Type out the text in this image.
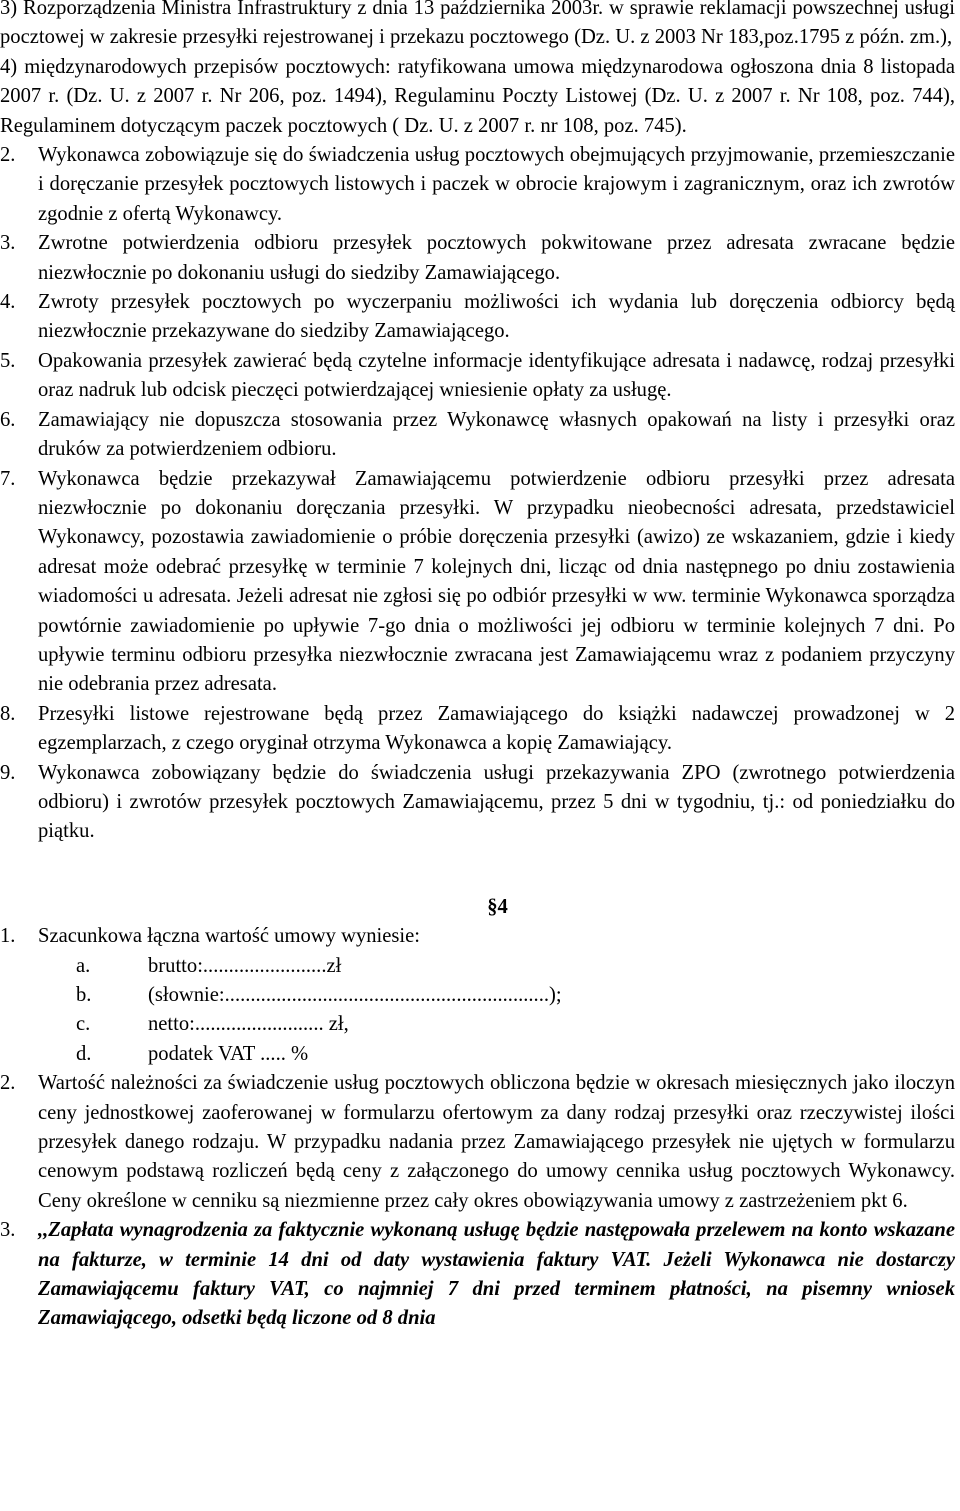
3) Rozporządzenia Ministra Infrastruktury z dnia 13 października 2003r. w sprawie reklamacji powszechnej usługi pocztowej w zakresie przesyłki rejestrowanej i przekazu pocztowego (Dz. U. z 2003 Nr 183,poz.1795 z późn. zm.),

4) międzynarodowych przepisów pocztowych: ratyfikowana umowa międzynarodowa ogłoszona dnia 8 listopada 2007 r. (Dz. U. z 2007 r. Nr 206, poz. 1494), Regulaminu Poczty Listowej (Dz. U. z 2007 r. Nr 108, poz. 744), Regulaminem dotyczącym paczek pocztowych ( Dz. U. z 2007 r. nr 108, poz. 745).

2. Wykonawca zobowiązuje się do świadczenia usług pocztowych obejmujących przyjmowanie, przemieszczanie i doręczanie przesyłek pocztowych listowych i paczek w obrocie krajowym i zagranicznym, oraz ich zwrotów zgodnie z ofertą Wykonawcy.

3. Zwrotne potwierdzenia odbioru przesyłek pocztowych pokwitowane przez adresata zwracane będzie niezwłocznie po dokonaniu usługi do siedziby Zamawiającego.

4. Zwroty przesyłek pocztowych po wyczerpaniu możliwości ich wydania lub doręczenia odbiorcy będą niezwłocznie przekazywane do siedziby Zamawiającego.

5. Opakowania przesyłek zawierać będą czytelne informacje identyfikujące adresata i nadawcę, rodzaj przesyłki oraz nadruk lub odcisk pieczęci potwierdzającej wniesienie opłaty za usługę.

6. Zamawiający nie dopuszcza stosowania przez Wykonawcę własnych opakowań na listy i przesyłki oraz druków za potwierdzeniem odbioru.

7. Wykonawca będzie przekazywał Zamawiającemu potwierdzenie odbioru przesyłki przez adresata niezwłocznie po dokonaniu doręczania przesyłki. W przypadku nieobecności adresata, przedstawiciel Wykonawcy, pozostawia zawiadomienie o próbie doręczenia przesyłki (awizo) ze wskazaniem, gdzie i kiedy adresat może odebrać przesyłkę w terminie 7 kolejnych dni, licząc od dnia następnego po dniu zostawienia wiadomości u adresata. Jeżeli adresat nie zgłosi się po odbiór przesyłki w ww. terminie Wykonawca sporządza powtórnie zawiadomienie po upływie 7-go dnia o możliwości jej odbioru w terminie kolejnych 7 dni. Po upływie terminu odbioru przesyłka niezwłocznie zwracana jest Zamawiającemu wraz z podaniem przyczyny nie odebrania przez adresata.

8. Przesyłki listowe rejestrowane będą przez Zamawiającego do książki nadawczej prowadzonej w 2 egzemplarzach, z czego oryginał otrzyma Wykonawca a kopię Zamawiający.

9. Wykonawca zobowiązany będzie do świadczenia usługi przekazywania ZPO (zwrotnego potwierdzenia odbioru) i zwrotów przesyłek pocztowych Zamawiającemu, przez 5 dni w tygodniu, tj.: od poniedziałku do piątku.

§4

1. Szacunkowa łączna wartość umowy wyniesie:

a.	brutto:........................zł
b.	(słownie:...............................................................);
c.	netto:......................... zł,
d.	podatek VAT ..... %

2. Wartość należności za świadczenie usług pocztowych obliczona będzie w okresach miesięcznych jako iloczyn ceny jednostkowej zaoferowanej w formularzu ofertowym za dany rodzaj przesyłki oraz rzeczywistej ilości przesyłek danego rodzaju. W przypadku nadania przez Zamawiającego przesyłek nie ujętych w formularzu cenowym podstawą rozliczeń będą ceny z załączonego do umowy cennika usług pocztowych Wykonawcy. Ceny określone w cenniku są niezmienne przez cały okres obowiązywania umowy z zastrzeżeniem pkt 6.

3. ,,Zapłata wynagrodzenia za faktycznie wykonaną usługę będzie następowała przelewem na konto wskazane na fakturze, w terminie 14 dni od daty wystawienia faktury VAT. Jeżeli Wykonawca nie dostarczy Zamawiającemu faktury VAT, co najmniej 7 dni przed terminem płatności, na pisemny wniosek Zamawiającego, odsetki będą liczone od 8 dnia
